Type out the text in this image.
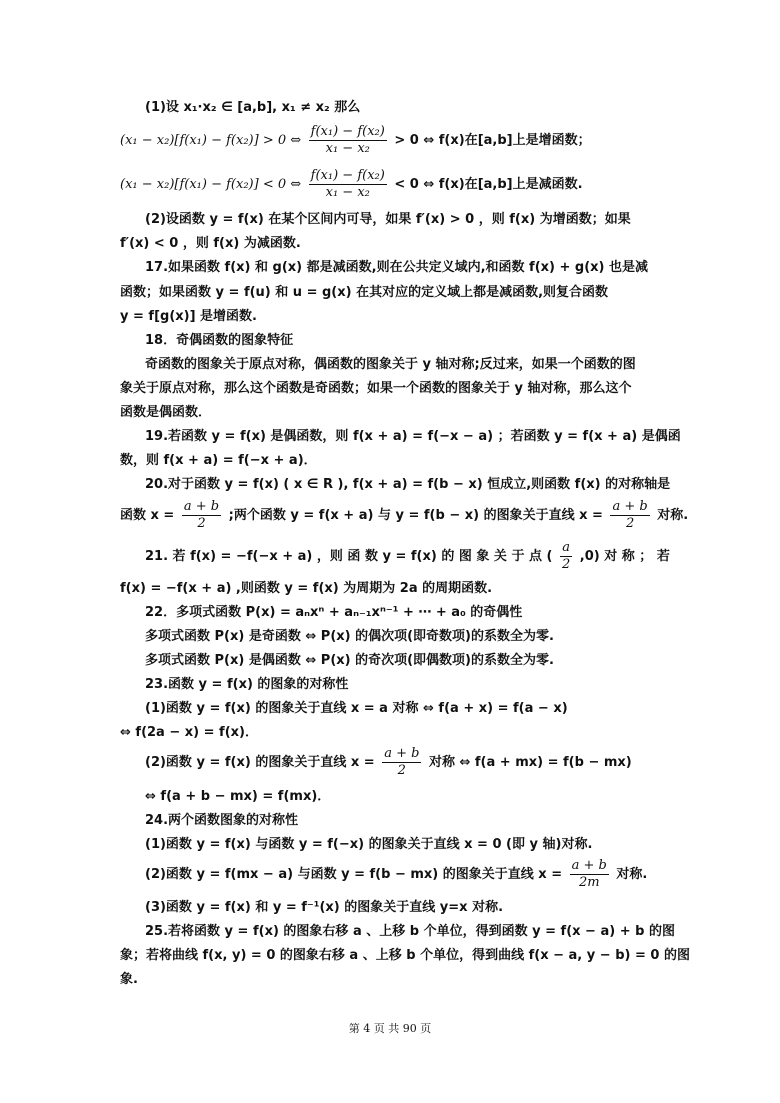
(1)设 x₁·x₂ ∈ [a,b], x₁ ≠ x₂ 那么
(x₁ − x₂)[f(x₁) − f(x₂)] > 0 ⇔ $\frac{\text{f(x₁) − f(x₂)}}{\text{x₁ − x₂}} > 0$ ⇔ f(x)在[a,b]上是增函数；
(x₁ − x₂)[f(x₁) − f(x₂)] < 0 ⇔ $\frac{\text{f(x₁) − f(x₂)}}{\text{x₁ − x₂}} < 0$ ⇔ f(x)在[a,b]上是减函数.
(2)设函数 y = f(x) 在某个区间内可导，如果 f′(x) > 0 ，则 f(x) 为增函数；如果
f′(x) < 0 ，则 f(x) 为减函数.
17.如果函数 f(x) 和 g(x) 都是减函数,则在公共定义域内,和函数 f(x) + g(x) 也是减
函数；如果函数 y = f(u) 和 u = g(x) 在其对应的定义域上都是减函数,则复合函数
y = f[g(x)] 是增函数.
18．奇偶函数的图象特征
奇函数的图象关于原点对称，偶函数的图象关于 y 轴对称;反过来，如果一个函数的图
象关于原点对称，那么这个函数是奇函数；如果一个函数的图象关于 y 轴对称，那么这个
函数是偶函数．
19.若函数 y = f(x) 是偶函数，则 f(x + a) = f(−x − a) ；若函数 y = f(x + a) 是偶函
数，则 f(x + a) = f(−x + a)．
20.对于函数 y = f(x) ( x ∈ R ), f(x + a) = f(b − x) 恒成立,则函数 f(x) 的对称轴是
函数 $x = \frac{a + b}{2}$ ;两个函数 y = f(x + a) 与 y = f(b − x) 的图象关于直线 $x = \frac{a + b}{2}$ 对称.
21. 若 f(x) = −f(−x + a) ，则 函 数 y = f(x) 的 图 象 关 于 点 ( $\frac{a}{2} ,0$) 对 称 ； 若
f(x) = −f(x + a) ,则函数 y = f(x) 为周期为 2a 的周期函数.
22．多项式函数 P(x) = aₙxⁿ + aₙ₋₁xⁿ⁻¹ + ⋯ + a₀ 的奇偶性
多项式函数 P(x) 是奇函数 ⇔ P(x) 的偶次项(即奇数项)的系数全为零.
多项式函数 P(x) 是偶函数 ⇔ P(x) 的奇次项(即偶数项)的系数全为零.
23.函数 y = f(x) 的图象的对称性
(1)函数 y = f(x) 的图象关于直线 x = a 对称 ⇔ f(a + x) = f(a − x)
⇔ f(2a − x) = f(x)．
(2)函数 y = f(x) 的图象关于直线 $x = \frac{a + b}{2}$ 对称 ⇔ f(a + mx) = f(b − mx)
⇔ f(a + b − mx) = f(mx)．
24.两个函数图象的对称性
(1)函数 y = f(x) 与函数 y = f(−x) 的图象关于直线 x = 0 (即 y 轴)对称.
(2)函数 y = f(mx − a) 与函数 y = f(b − mx) 的图象关于直线 $x = \frac{a + b}{2m}$ 对称.
(3)函数 y = f(x) 和 y = f⁻¹(x) 的图象关于直线 y=x 对称.
25.若将函数 y = f(x) 的图象右移 a 、上移 b 个单位，得到函数 y = f(x − a) + b 的图
象；若将曲线 f(x, y) = 0 的图象右移 a 、上移 b 个单位，得到曲线 f(x − a, y − b) = 0 的图
象.
第 4 页 共 90 页
